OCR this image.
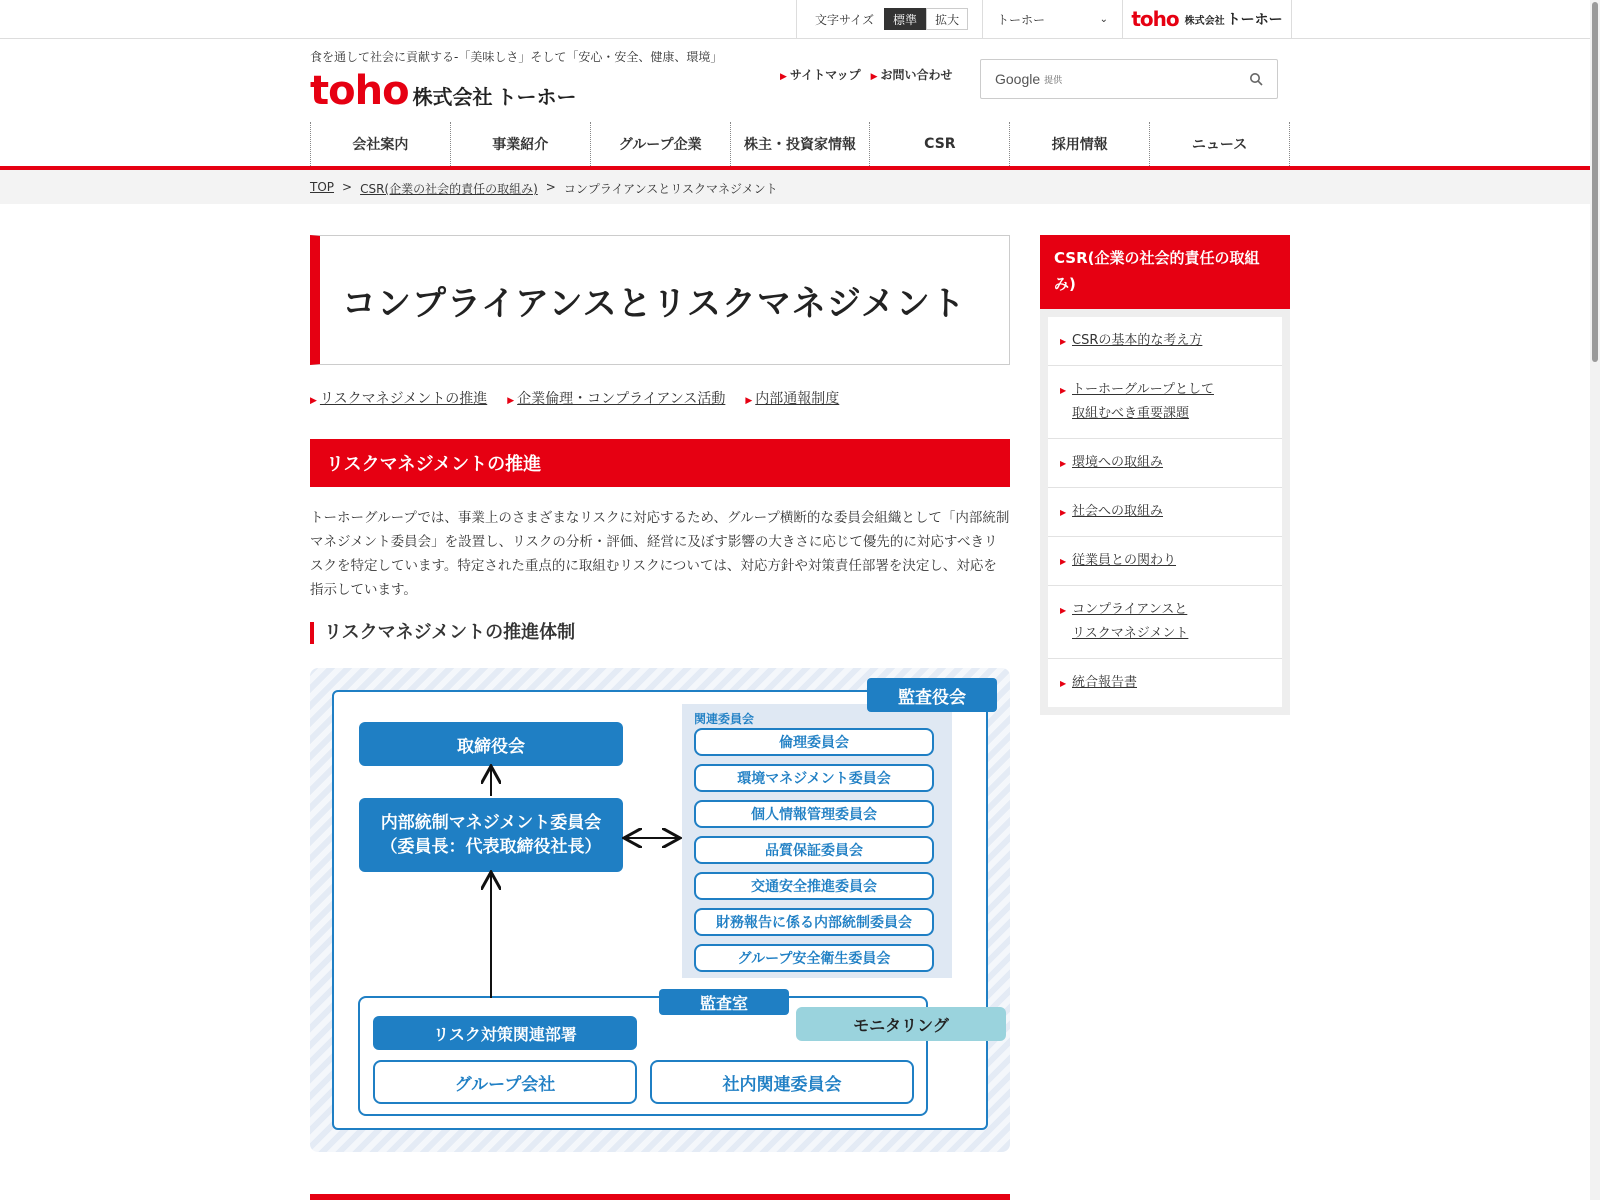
文字サイズ	標準	拡大	トーホー	⌄ toho 株式会社 トーホー
食を通して社会に貢献する-「美味しさ」そして「安心・安全、健康、環境」
toho 株式会社 トーホー
▶ サイトマップ ▶ お問い合わせ	Google 提供
会社案内	事業紹介	グループ企業	株主・投資家情報	CSR	採用情報	ニュース
TOP > CSR(企業の社会的責任の取組み) > コンプライアンスとリスクマネジメント
コンプライアンスとリスクマネジメント
▶ リスクマネジメントの推進 ▶ 企業倫理・コンプライアンス活動 ▶ 内部通報制度
リスクマネジメントの推進

トーホーグループでは、事業上のさまざまなリスクに対応するため、グループ横断的な委員会組織として「内部統制マネジメント委員会」を設置し、リスクの分析・評価、経営に及ぼす影響の大きさに応じて優先的に対応すべきリスクを特定しています。特定された重点的に取組むリスクについては、対応方針や対策責任部署を決定し、対応を指示しています。

リスクマネジメントの推進体制
監査役会
取締役会
内部統制マネジメント委員会
（委員長：代表取締役社長）
関連委員会
倫理委員会
環境マネジメント委員会
個人情報管理委員会
品質保証委員会
交通安全推進委員会
財務報告に係る内部統制委員会
グループ安全衛生委員会
監査室
モニタリング
リスク対策関連部署
グループ会社	社内関連委員会
CSR(企業の社会的責任の取組み)
▶ CSRの基本的な考え方
▶ トーホーグループとして
取組むべき重要課題
▶ 環境への取組み
▶ 社会への取組み
▶ 従業員との関わり
▶ コンプライアンスと
リスクマネジメント
▶ 統合報告書
